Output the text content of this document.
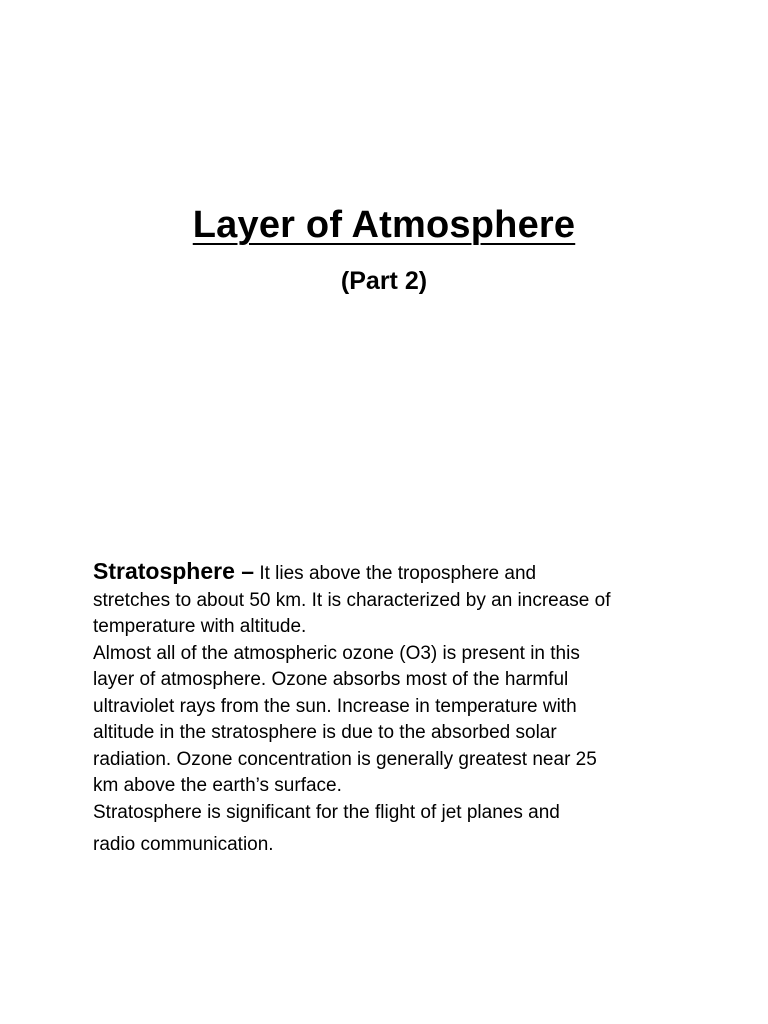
Layer of Atmosphere
(Part 2)
Stratosphere – It lies above the troposphere and
stretches to about 50 km. It is characterized by an increase of
temperature with altitude.
Almost all of the atmospheric ozone (O3) is present in this
layer of atmosphere. Ozone absorbs most of the harmful
ultraviolet rays from the sun. Increase in temperature with
altitude in the stratosphere is due to the absorbed solar
radiation. Ozone concentration is generally greatest near 25
km above the earth’s surface.
Stratosphere is significant for the flight of jet planes and
radio communication.
